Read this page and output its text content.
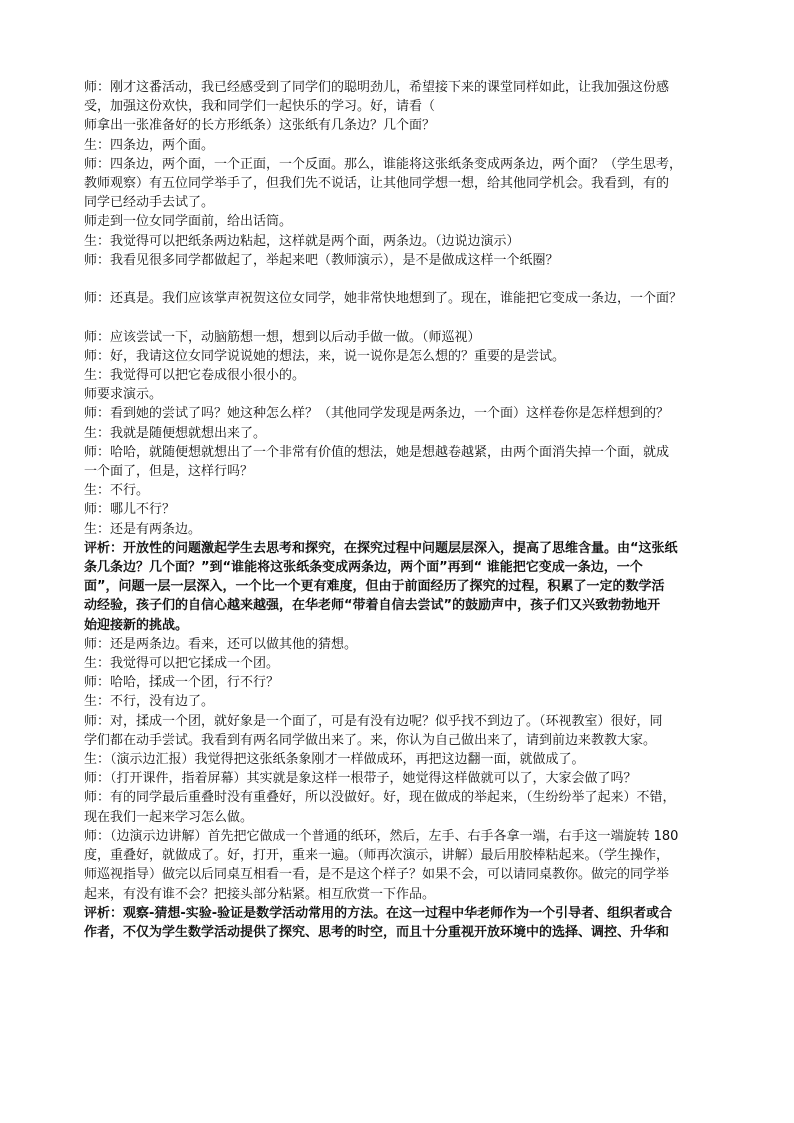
师：刚才这番活动，我已经感受到了同学们的聪明劲儿，希望接下来的课堂同样如此，让我加强这份感
受，加强这份欢快，我和同学们一起快乐的学习。好，请看（
师拿出一张准备好的长方形纸条）这张纸有几条边？几个面？
生：四条边，两个面。
师：四条边，两个面，一个正面，一个反面。那么，谁能将这张纸条变成两条边，两个面？（学生思考，
教师观察）有五位同学举手了，但我们先不说话，让其他同学想一想，给其他同学机会。我看到，有的
同学已经动手去试了。
师走到一位女同学面前，给出话筒。
生：我觉得可以把纸条两边粘起，这样就是两个面，两条边。（边说边演示）
师：我看见很多同学都做起了，举起来吧（教师演示），是不是做成这样一个纸圈？
师：还真是。我们应该掌声祝贺这位女同学，她非常快地想到了。现在，谁能把它变成一条边，一个面？
师：应该尝试一下，动脑筋想一想，想到以后动手做一做。（师巡视）
师：好，我请这位女同学说说她的想法，来，说一说你是怎么想的？重要的是尝试。
生：我觉得可以把它卷成很小很小的。
师要求演示。
师：看到她的尝试了吗？她这种怎么样？（其他同学发现是两条边，一个面）这样卷你是怎样想到的？
生：我就是随便想就想出来了。
师：哈哈，就随便想就想出了一个非常有价值的想法，她是想越卷越紧，由两个面消失掉一个面，就成
一个面了，但是，这样行吗？
生：不行。
师：哪儿不行？
生：还是有两条边。
评析：开放性的问题激起学生去思考和探究，在探究过程中问题层层深入，提高了思维含量。由“这张纸
条几条边？几个面？”到“谁能将这张纸条变成两条边，两个面”再到“ 谁能把它变成一条边，一个
面”，问题一层一层深入，一个比一个更有难度，但由于前面经历了探究的过程，积累了一定的数学活
动经验，孩子们的自信心越来越强，在华老师“带着自信去尝试”的鼓励声中，孩子们又兴致勃勃地开
始迎接新的挑战。
师：还是两条边。看来，还可以做其他的猜想。
生：我觉得可以把它揉成一个团。
师：哈哈，揉成一个团，行不行？
生：不行，没有边了。
师：对，揉成一个团，就好象是一个面了，可是有没有边呢？似乎找不到边了。（环视教室）很好，同
学们都在动手尝试。我看到有两名同学做出来了。来，你认为自己做出来了，请到前边来教教大家。
生：（演示边汇报）我觉得把这张纸条象刚才一样做成环，再把这边翻一面，就做成了。
师：（打开课件，指着屏幕）其实就是象这样一根带子，她觉得这样做就可以了，大家会做了吗？
师：有的同学最后重叠时没有重叠好，所以没做好。好，现在做成的举起来，（生纷纷举了起来）不错，
现在我们一起来学习怎么做。
师：（边演示边讲解）首先把它做成一个普通的纸环，然后，左手、右手各拿一端，右手这一端旋转 180
度，重叠好，就做成了。好，打开，重来一遍。（师再次演示，讲解）最后用胶棒粘起来。（学生操作，
师巡视指导）做完以后同桌互相看一看，是不是这个样子？如果不会，可以请同桌教你。做完的同学举
起来，有没有谁不会？把接头部分粘紧。相互欣赏一下作品。
评析：观察-猜想-实验-验证是数学活动常用的方法。在这一过程中华老师作为一个引导者、组织者或合
作者，不仅为学生数学活动提供了探究、思考的时空，而且十分重视开放环境中的选择、调控、升华和
